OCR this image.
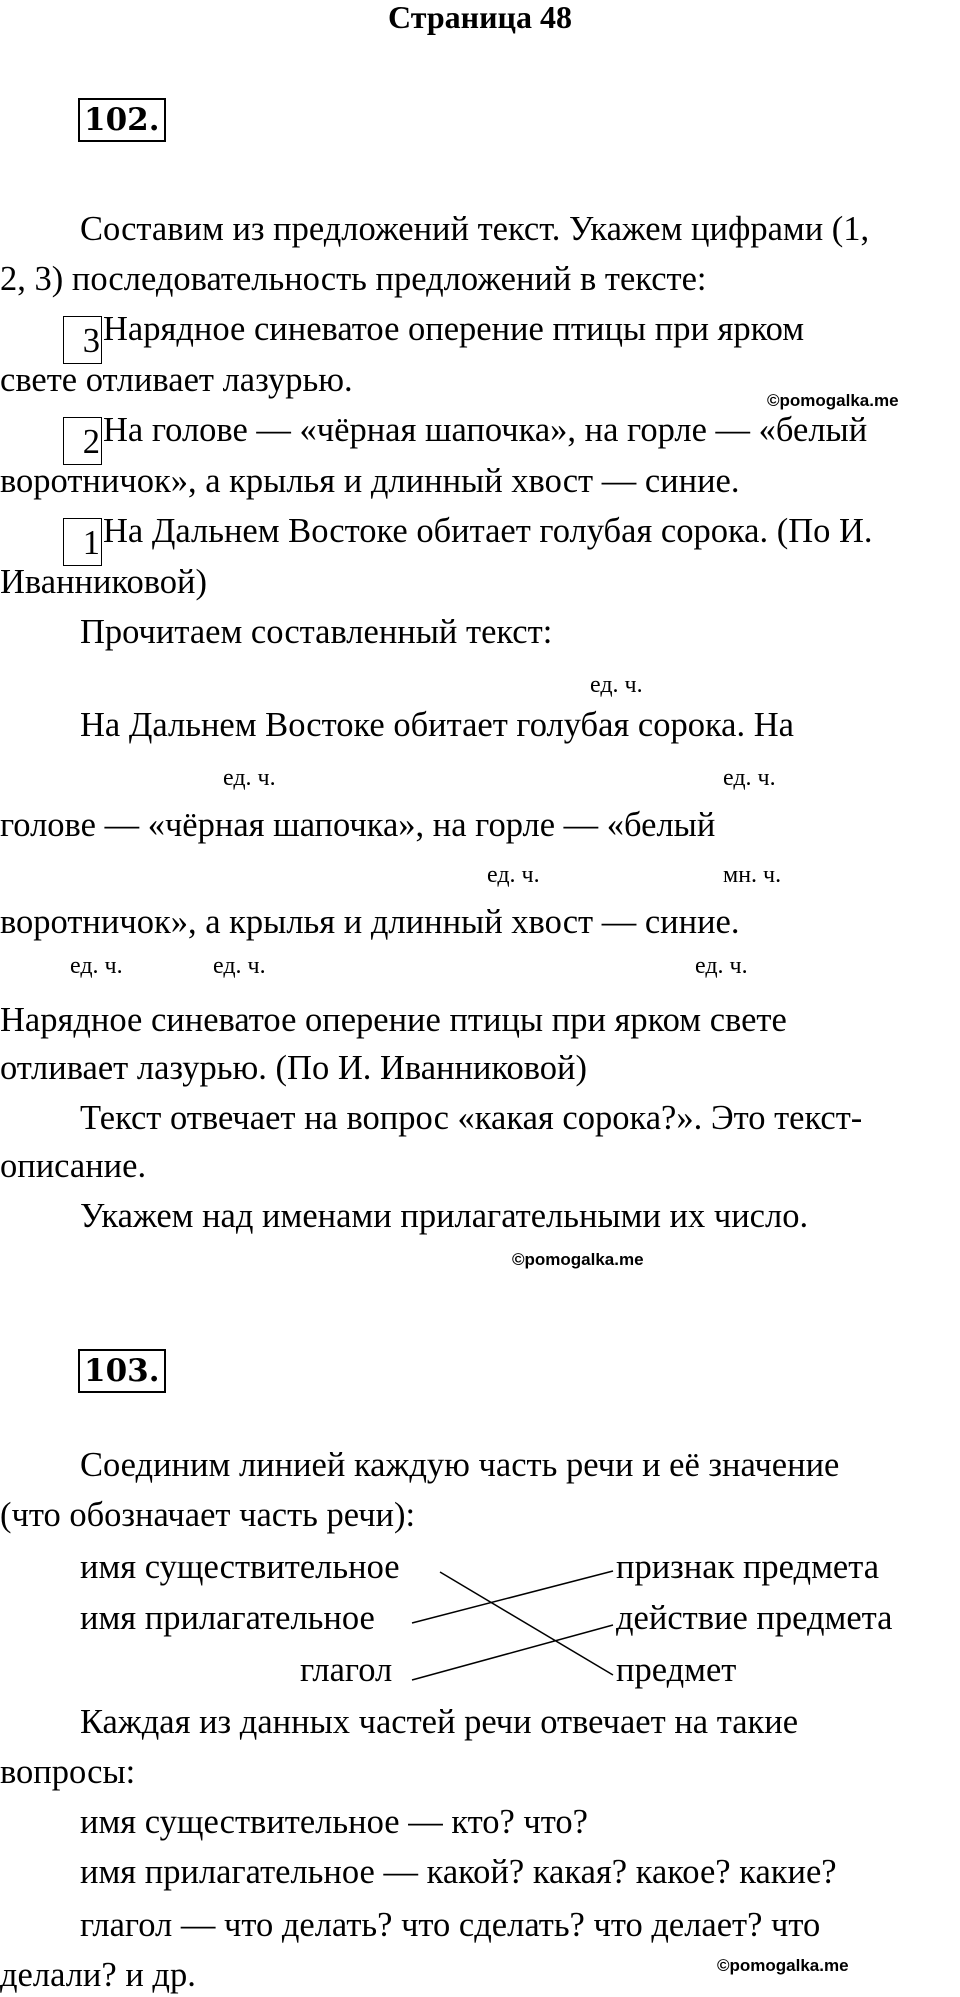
Страница 48
102.
Составим из предложений текст. Укажем цифрами (1,
2, 3) последовательность предложений в тексте:
3Нарядное синеватое оперение птицы при ярком
свете отливает лазурью.
©pomogalka.me
2На голове — «чёрная шапочка», на горле — «белый
воротничок», а крылья и длинный хвост — синие.
1На Дальнем Востоке обитает голубая сорока. (По И.
Иванниковой)
Прочитаем составленный текст:
ед. ч.
На Дальнем Востоке обитает голубая сорока. На
ед. ч.	ед. ч.
голове — «чёрная шапочка», на горле — «белый
ед. ч.	мн. ч.
воротничок», а крылья и длинный хвост — синие.
ед. ч.	ед. ч.	ед. ч.
Нарядное синеватое оперение птицы при ярком свете
отливает лазурью. (По И. Иванниковой)
Текст отвечает на вопрос «какая сорока?». Это текст-
описание.
Укажем над именами прилагательными их число.
©pomogalka.me
103.
Соединим линией каждую часть речи и её значение
(что обозначает часть речи):
имя существительное
имя прилагательное
глагол
признак предмета
действие предмета
предмет
Каждая из данных частей речи отвечает на такие
вопросы:
имя существительное — кто? что?
имя прилагательное — какой? какая? какое? какие?
глагол — что делать? что сделать? что делает? что
©pomogalka.me
делали? и др.
